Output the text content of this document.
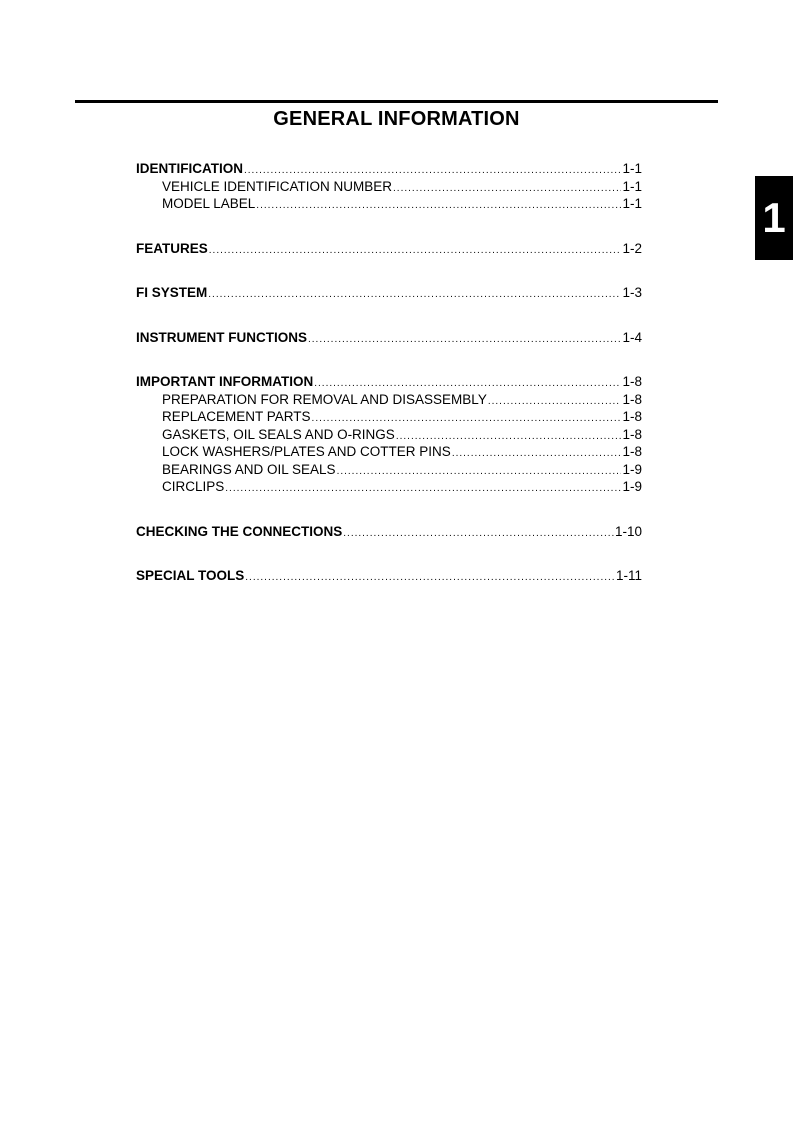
GENERAL INFORMATION
1
IDENTIFICATION .....	1-1
VEHICLE IDENTIFICATION NUMBER .....	1-1
MODEL LABEL .....	1-1
FEATURES .....	1-2
FI SYSTEM .....	1-3
INSTRUMENT FUNCTIONS .....	1-4
IMPORTANT INFORMATION .....	1-8
PREPARATION FOR REMOVAL AND DISASSEMBLY .....	1-8
REPLACEMENT PARTS .....	1-8
GASKETS, OIL SEALS AND O-RINGS .....	1-8
LOCK WASHERS/PLATES AND COTTER PINS .....	1-8
BEARINGS AND OIL SEALS .....	1-9
CIRCLIPS .....	1-9
CHECKING THE CONNECTIONS .....	1-10
SPECIAL TOOLS .....	1-11
